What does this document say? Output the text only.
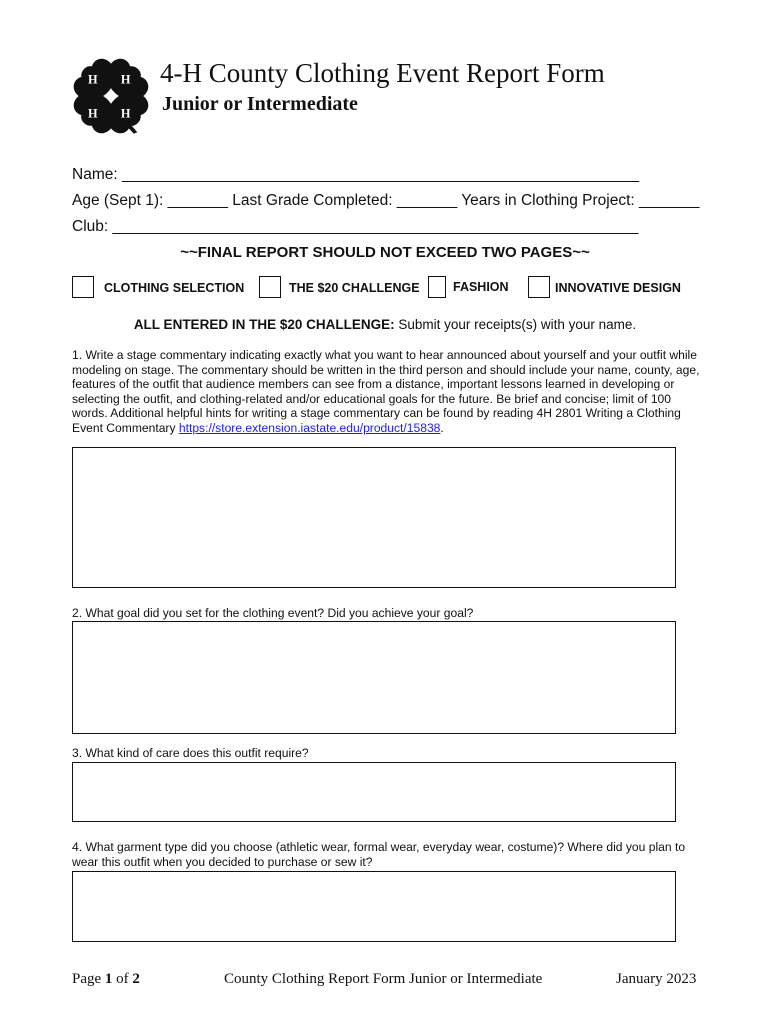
H H
H H
4-H County Clothing Event Report Form
Junior or Intermediate
Name: ____________________________________________________________
Age (Sept 1): _______ Last Grade Completed: _______ Years in Clothing Project: _______
Club: _____________________________________________________________
~~FINAL REPORT SHOULD NOT EXCEED TWO PAGES~~
CLOTHING SELECTION	THE $20 CHALLENGE	FASHION	INNOVATIVE DESIGN
ALL ENTERED IN THE $20 CHALLENGE: Submit your receipts(s) with your name.
1. Write a stage commentary indicating exactly what you want to hear announced about yourself and your outfit while modeling on stage. The commentary should be written in the third person and should include your name, county, age, features of the outfit that audience members can see from a distance, important lessons learned in developing or selecting the outfit, and clothing-related and/or educational goals for the future. Be brief and concise; limit of 100 words. Additional helpful hints for writing a stage commentary can be found by reading 4H 2801 Writing a Clothing Event Commentary https://store.extension.iastate.edu/product/15838.
2. What goal did you set for the clothing event? Did you achieve your goal?
3. What kind of care does this outfit require?
4. What garment type did you choose (athletic wear, formal wear, everyday wear, costume)? Where did you plan to wear this outfit when you decided to purchase or sew it?
Page 1 of 2	County Clothing Report Form Junior or Intermediate	January 2023
